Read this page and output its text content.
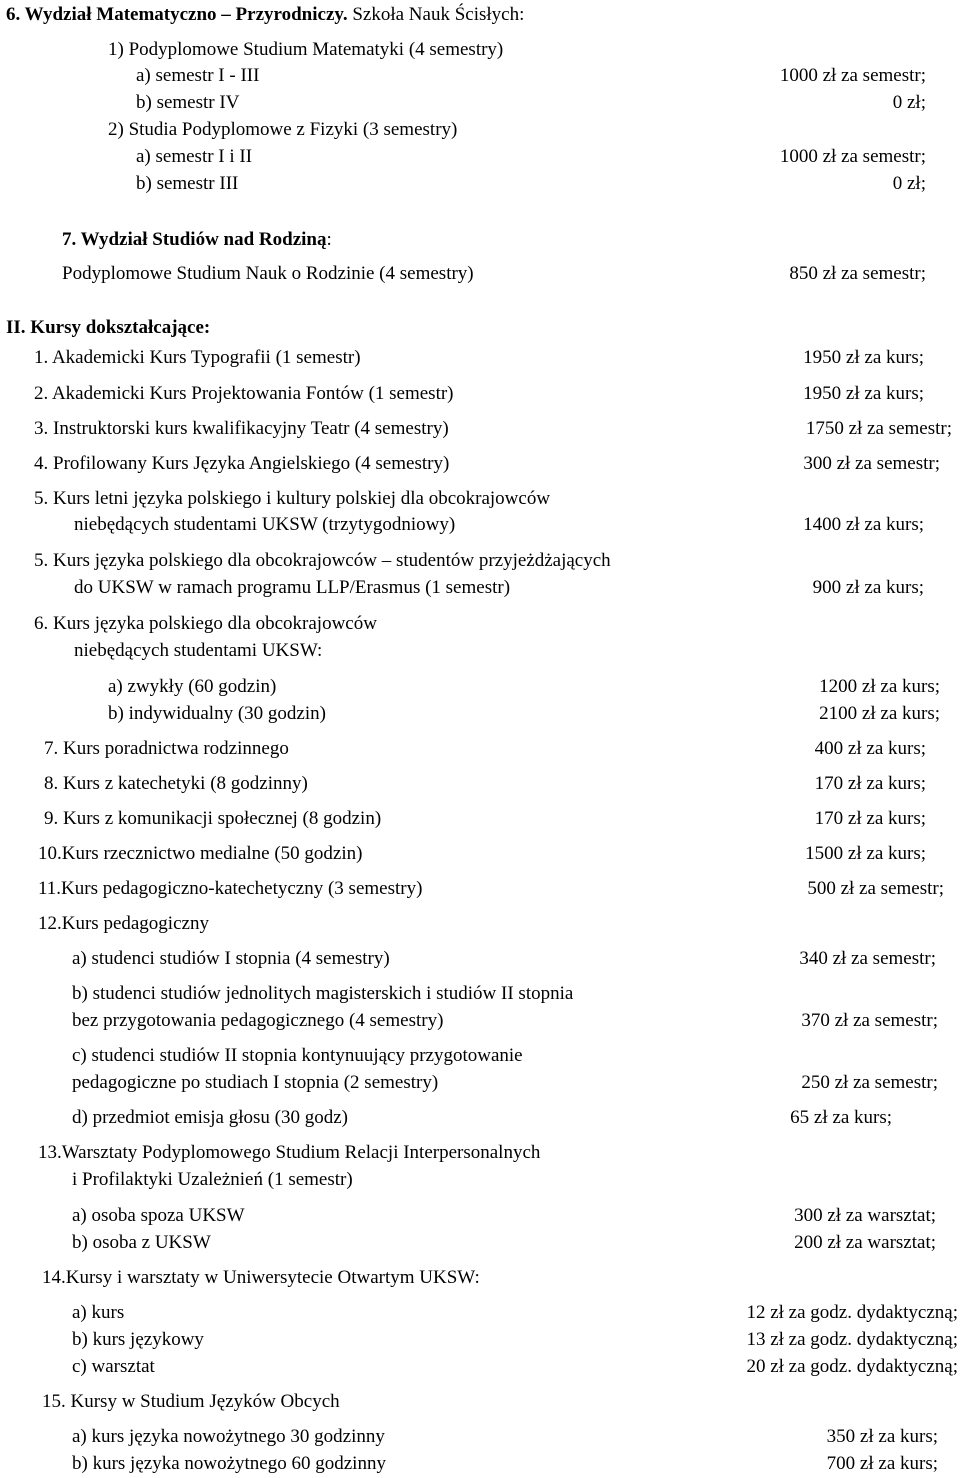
6. Wydział Matematyczno – Przyrodniczy. Szkoła Nauk Ścisłych:
1) Podyplomowe Studium Matematyki (4 semestry)
a) semestr I - III	1000 zł za semestr;
b) semestr IV	0 zł;
2) Studia Podyplomowe z Fizyki (3 semestry)
a) semestr I i II	1000 zł za semestr;
b) semestr III	0 zł;
7. Wydział Studiów nad Rodziną:
Podyplomowe Studium Nauk o Rodzinie (4 semestry)	850 zł za semestr;
II. Kursy dokształcające:
1. Akademicki Kurs Typografii (1 semestr)	1950 zł za kurs;
2. Akademicki Kurs Projektowania Fontów (1 semestr)	1950 zł za kurs;
3. Instruktorski kurs kwalifikacyjny Teatr (4 semestry)	1750 zł za semestr;
4. Profilowany Kurs Języka Angielskiego (4 semestry)	300 zł za semestr;
5. Kurs letni języka polskiego i kultury polskiej dla obcokrajowców
niebędących studentami UKSW (trzytygodniowy)	1400 zł za kurs;
5. Kurs języka polskiego dla obcokrajowców – studentów przyjeżdżających
do UKSW w ramach programu LLP/Erasmus (1 semestr)	900 zł za kurs;
6. Kurs języka polskiego dla obcokrajowców
niebędących studentami UKSW:
a) zwykły (60 godzin)	1200 zł za kurs;
b) indywidualny (30 godzin)	2100 zł za kurs;
7. Kurs poradnictwa rodzinnego	400 zł za kurs;
8. Kurs z katechetyki (8 godzinny)	170 zł za kurs;
9. Kurs z komunikacji społecznej (8 godzin)	170 zł za kurs;
10.Kurs rzecznictwo medialne (50 godzin)	1500 zł za kurs;
11.Kurs pedagogiczno-katechetyczny (3 semestry)	500 zł za semestr;
12.Kurs pedagogiczny
a) studenci studiów I stopnia (4 semestry)	340 zł za semestr;
b) studenci studiów jednolitych magisterskich i studiów II stopnia
bez przygotowania pedagogicznego (4 semestry)	370 zł za semestr;
c) studenci studiów II stopnia kontynuujący przygotowanie
pedagogiczne po studiach I stopnia (2 semestry)	250 zł za semestr;
d) przedmiot emisja głosu (30 godz)	65 zł za kurs;
13.Warsztaty Podyplomowego Studium Relacji Interpersonalnych
i Profilaktyki Uzależnień (1 semestr)
a) osoba spoza UKSW	300 zł za warsztat;
b) osoba z UKSW	200 zł za warsztat;
14.Kursy i warsztaty w Uniwersytecie Otwartym UKSW:
a) kurs	12 zł za godz. dydaktyczną;
b) kurs językowy	13 zł za godz. dydaktyczną;
c) warsztat	20 zł za godz. dydaktyczną;
15. Kursy w Studium Języków Obcych
a) kurs języka nowożytnego 30 godzinny	350 zł za kurs;
b) kurs języka nowożytnego 60 godzinny	700 zł za kurs;
